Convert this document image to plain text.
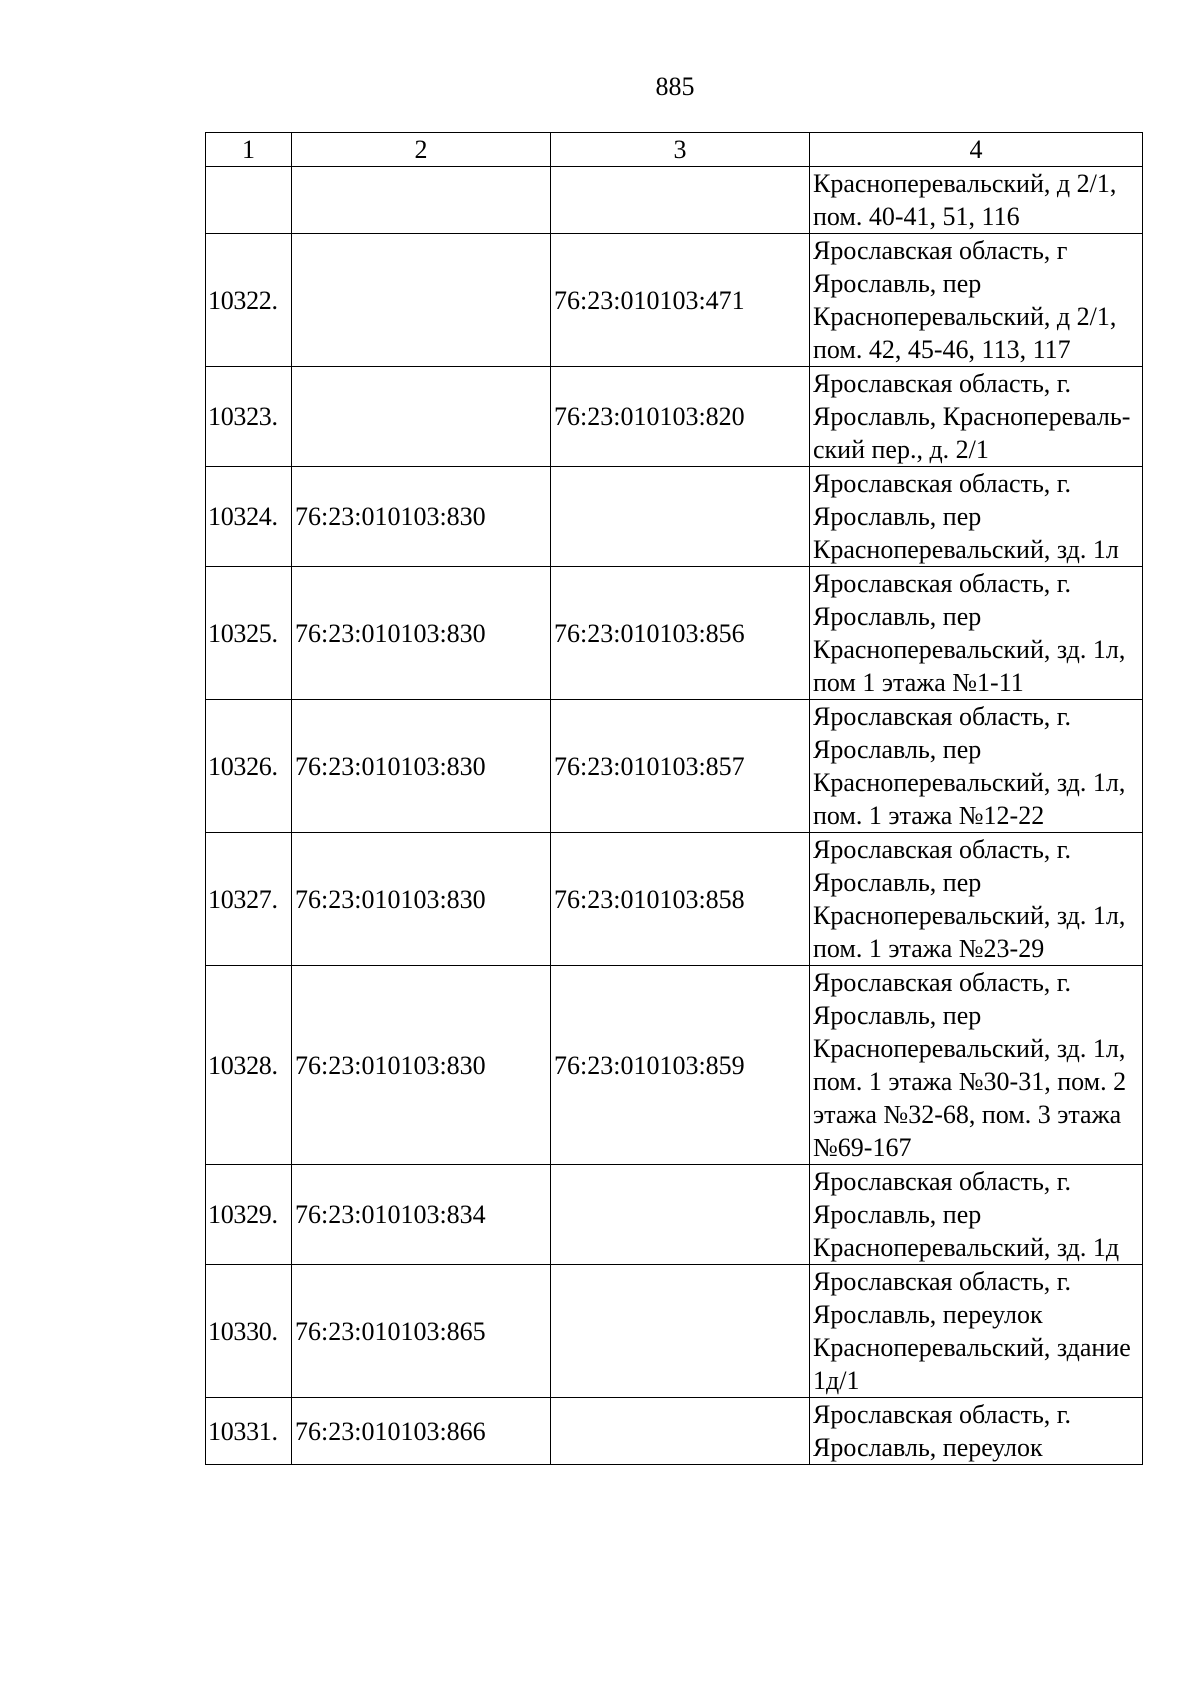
885
1	2	3	4
			Красноперевальский, д 2/1, пом. 40-41, 51, 116
10322.		76:23:010103:471	Ярославская область, г Ярославль, пер Красноперевальский, д 2/1, пом. 42, 45-46, 113, 117
10323.		76:23:010103:820	Ярославская область, г. Ярославль, Красноперевальский пер., д. 2/1
10324.	76:23:010103:830		Ярославская область, г. Ярославль, пер Красноперевальский, зд. 1л
10325.	76:23:010103:830	76:23:010103:856	Ярославская область, г. Ярославль, пер Красноперевальский, зд. 1л, пом 1 этажа №1-11
10326.	76:23:010103:830	76:23:010103:857	Ярославская область, г. Ярославль, пер Красноперевальский, зд. 1л, пом. 1 этажа №12-22
10327.	76:23:010103:830	76:23:010103:858	Ярославская область, г. Ярославль, пер Красноперевальский, зд. 1л, пом. 1 этажа №23-29
10328.	76:23:010103:830	76:23:010103:859	Ярославская область, г. Ярославль, пер Красноперевальский, зд. 1л, пом. 1 этажа №30-31, пом. 2 этажа №32-68, пом. 3 этажа №69-167
10329.	76:23:010103:834		Ярославская область, г. Ярославль, пер Красноперевальский, зд. 1д
10330.	76:23:010103:865		Ярославская область, г. Ярославль, переулок Красноперевальский, здание 1д/1
10331.	76:23:010103:866		Ярославская область, г. Ярославль, переулок
